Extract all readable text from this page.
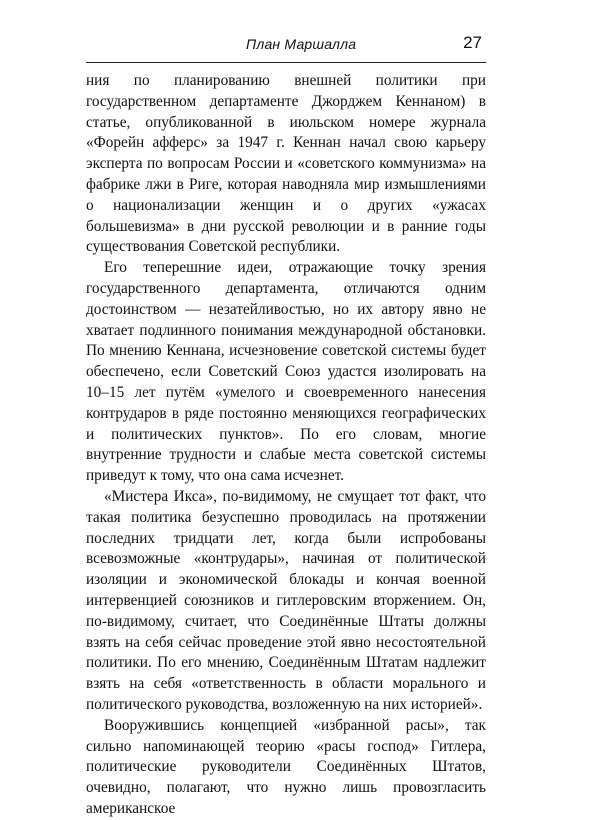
План Маршалла	27

ния по планированию внешней политики при государственном департаменте Джорджем Кеннаном) в статье, опубликованной в июльском номере журнала «Форейн афферс» за 1947 г. Кеннан начал свою карьеру эксперта по вопросам России и «советского коммунизма» на фабрике лжи в Риге, которая наводняла мир измышлениями о национализации женщин и о других «ужасах большевизма» в дни русской революции и в ранние годы существования Советской республики.

Его теперешние идеи, отражающие точку зрения государственного департамента, отличаются одним достоинством — незатейливостью, но их автору явно не хватает подлинного понимания международной обстановки. По мнению Кеннана, исчезновение советской системы будет обеспечено, если Советский Союз удастся изолировать на 10–15 лет путём «умелого и своевременного нанесения контрударов в ряде постоянно меняющихся географических и политических пунктов». По его словам, многие внутренние трудности и слабые места советской системы приведут к тому, что она сама исчезнет.

«Мистера Икса», по-видимому, не смущает тот факт, что такая политика безуспешно проводилась на протяжении последних тридцати лет, когда были испробованы всевозможные «контрудары», начиная от политической изоляции и экономической блокады и кончая военной интервенцией союзников и гитлеровским вторжением. Он, по-видимому, считает, что Соединённые Штаты должны взять на себя сейчас проведение этой явно несостоятельной политики. По его мнению, Соединённым Штатам надлежит взять на себя «ответственность в области морального и политического руководства, возложенную на них историей».

Вооружившись концепцией «избранной расы», так сильно напоминающей теорию «расы господ» Гитлера, политические руководители Соединённых Штатов, очевидно, полагают, что нужно лишь провозгласить американское
